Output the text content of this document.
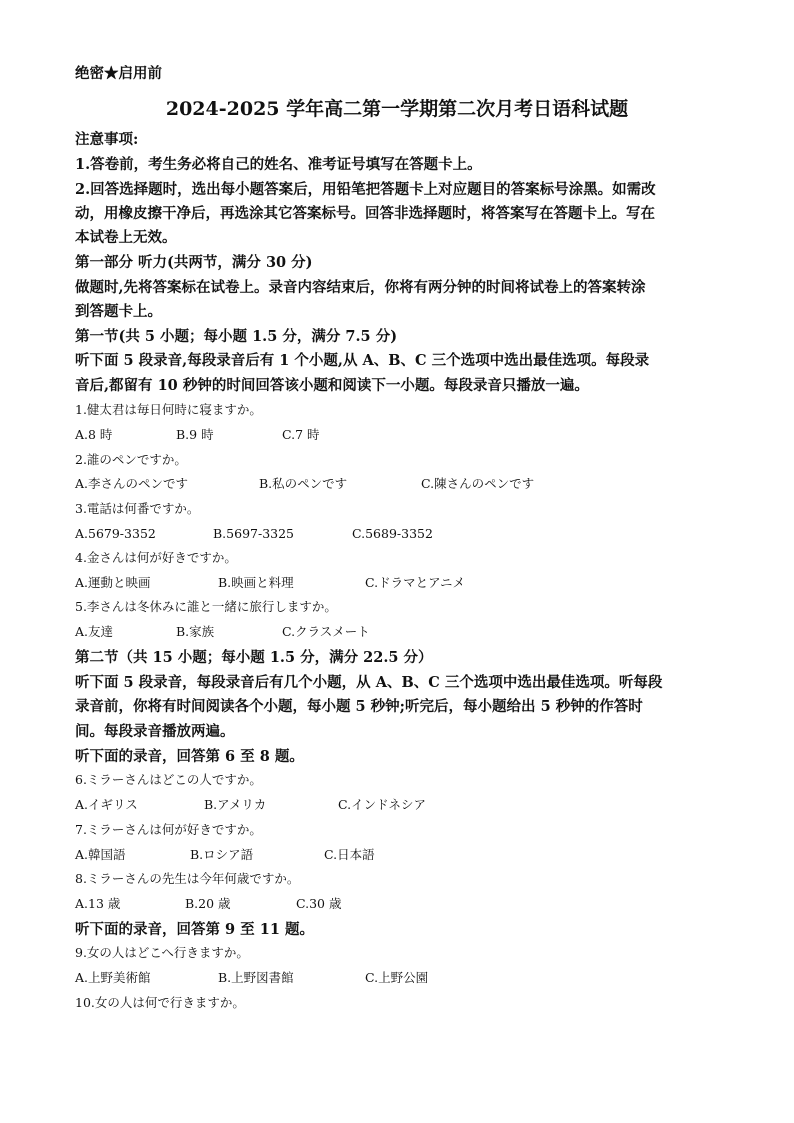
绝密★启用前
2024-2025 学年高二第一学期第二次月考日语科试题
注意事项:
1.答卷前，考生务必将自己的姓名、准考证号填写在答题卡上。
2.回答选择题时，选出每小题答案后，用铅笔把答题卡上对应题目的答案标号涂黑。如需改
动，用橡皮擦干净后，再选涂其它答案标号。回答非选择题时，将答案写在答题卡上。写在
本试卷上无效。
第一部分 听力(共两节，满分 30 分)
做题时,先将答案标在试卷上。录音内容结束后，你将有两分钟的时间将试卷上的答案转涂
到答题卡上。
第一节(共 5 小题；每小题 1.5 分，满分 7.5 分)
听下面 5 段录音,每段录音后有 1 个小题,从 A、B、C 三个选项中选出最佳选项。每段录
音后,都留有 10 秒钟的时间回答该小题和阅读下一小题。每段录音只播放一遍。
1.健太君は毎日何時に寝ますか。
A.8 時	B.9 時	C.7 時
2.誰のペンですか。
A.李さんのペンです	B.私のペンです	C.陳さんのペンです
3.電話は何番ですか。
A.5679-3352	B.5697-3325	C.5689-3352
4.金さんは何が好きですか。
A.運動と映画	B.映画と料理	C.ドラマとアニメ
5.李さんは冬休みに誰と一緒に旅行しますか。
A.友達	B.家族	C.クラスメート
第二节（共 15 小题；每小题 1.5 分，满分 22.5 分）
听下面 5 段录音，每段录音后有几个小题，从 A、B、C 三个选项中选出最佳选项。听每段
录音前，你将有时间阅读各个小题，每小题 5 秒钟;听完后，每小题给出 5 秒钟的作答时
间。每段录音播放两遍。
听下面的录音，回答第 6 至 8 题。
6.ミラーさんはどこの人ですか。
A.イギリス	B.アメリカ	C.インドネシア
7.ミラーさんは何が好きですか。
A.韓国語	B.ロシア語	C.日本語
8.ミラーさんの先生は今年何歳ですか。
A.13 歳	B.20 歳	C.30 歳
听下面的录音，回答第 9 至 11 题。
9.女の人はどこへ行きますか。
A.上野美術館	B.上野図書館	C.上野公園
10.女の人は何で行きますか。
